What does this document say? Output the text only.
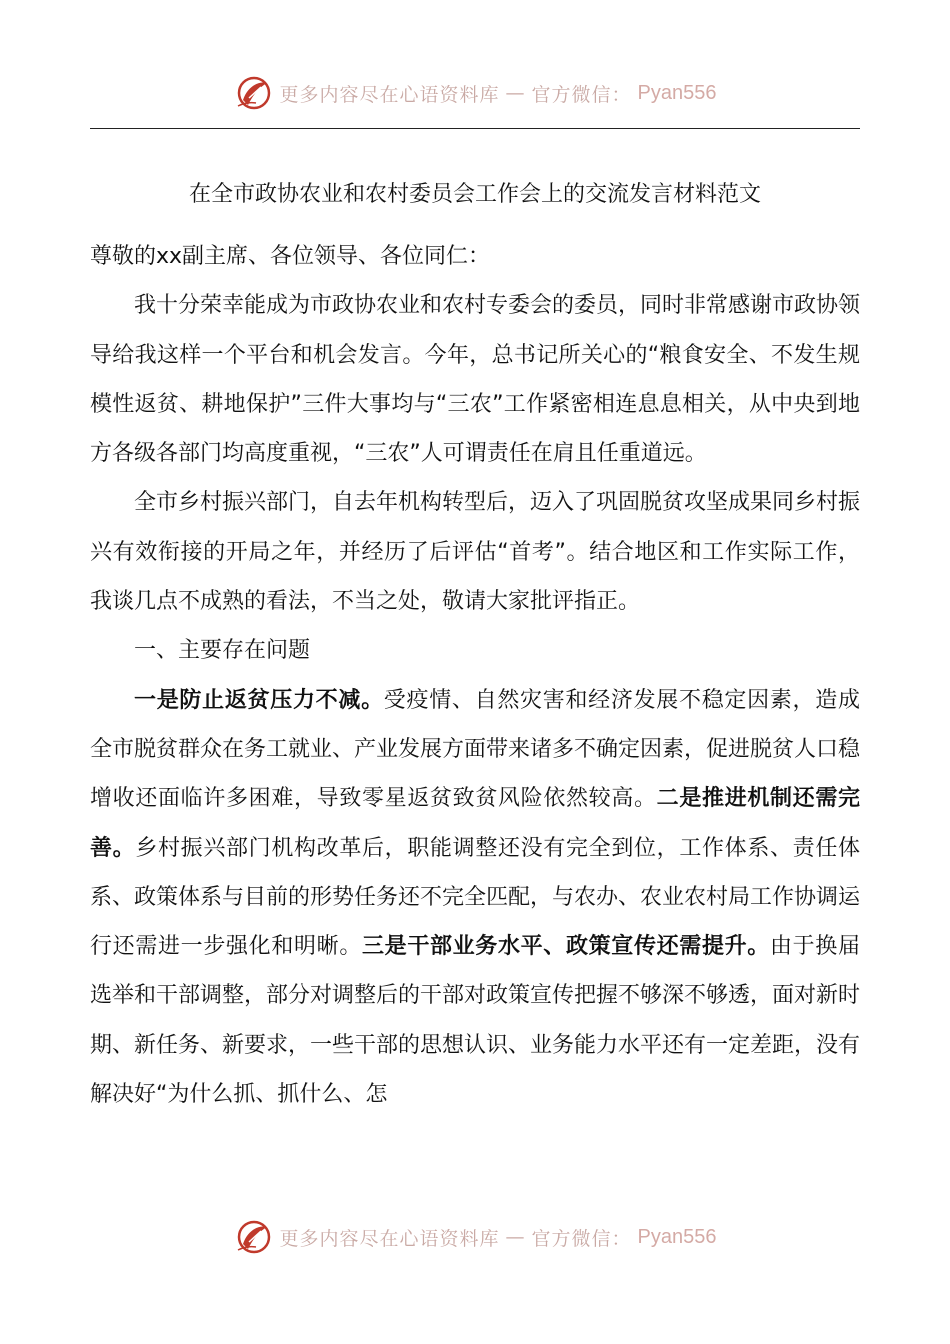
更多内容尽在心语资料库 — 官方微信： Pyan556
在全市政协农业和农村委员会工作会上的交流发言材料范文

尊敬的xx副主席、各位领导、各位同仁：

我十分荣幸能成为市政协农业和农村专委会的委员，同时非常感谢市政协领导给我这样一个平台和机会发言。今年，总书记所关心的“粮食安全、不发生规模性返贫、耕地保护”三件大事均与“三农”工作紧密相连息息相关，从中央到地方各级各部门均高度重视，“三农”人可谓责任在肩且任重道远。

全市乡村振兴部门，自去年机构转型后，迈入了巩固脱贫攻坚成果同乡村振兴有效衔接的开局之年，并经历了后评估“首考”。结合地区和工作实际工作，我谈几点不成熟的看法，不当之处，敬请大家批评指正。

一、主要存在问题

一是防止返贫压力不减。受疫情、自然灾害和经济发展不稳定因素，造成全市脱贫群众在务工就业、产业发展方面带来诸多不确定因素，促进脱贫人口稳增收还面临许多困难，导致零星返贫致贫风险依然较高。二是推进机制还需完善。乡村振兴部门机构改革后，职能调整还没有完全到位，工作体系、责任体系、政策体系与目前的形势任务还不完全匹配，与农办、农业农村局工作协调运行还需进一步强化和明晰。三是干部业务水平、政策宣传还需提升。由于换届选举和干部调整，部分对调整后的干部对政策宣传把握不够深不够透，面对新时期、新任务、新要求，一些干部的思想认识、业务能力水平还有一定差距，没有解决好“为什么抓、抓什么、怎

更多内容尽在心语资料库 — 官方微信： Pyan556
